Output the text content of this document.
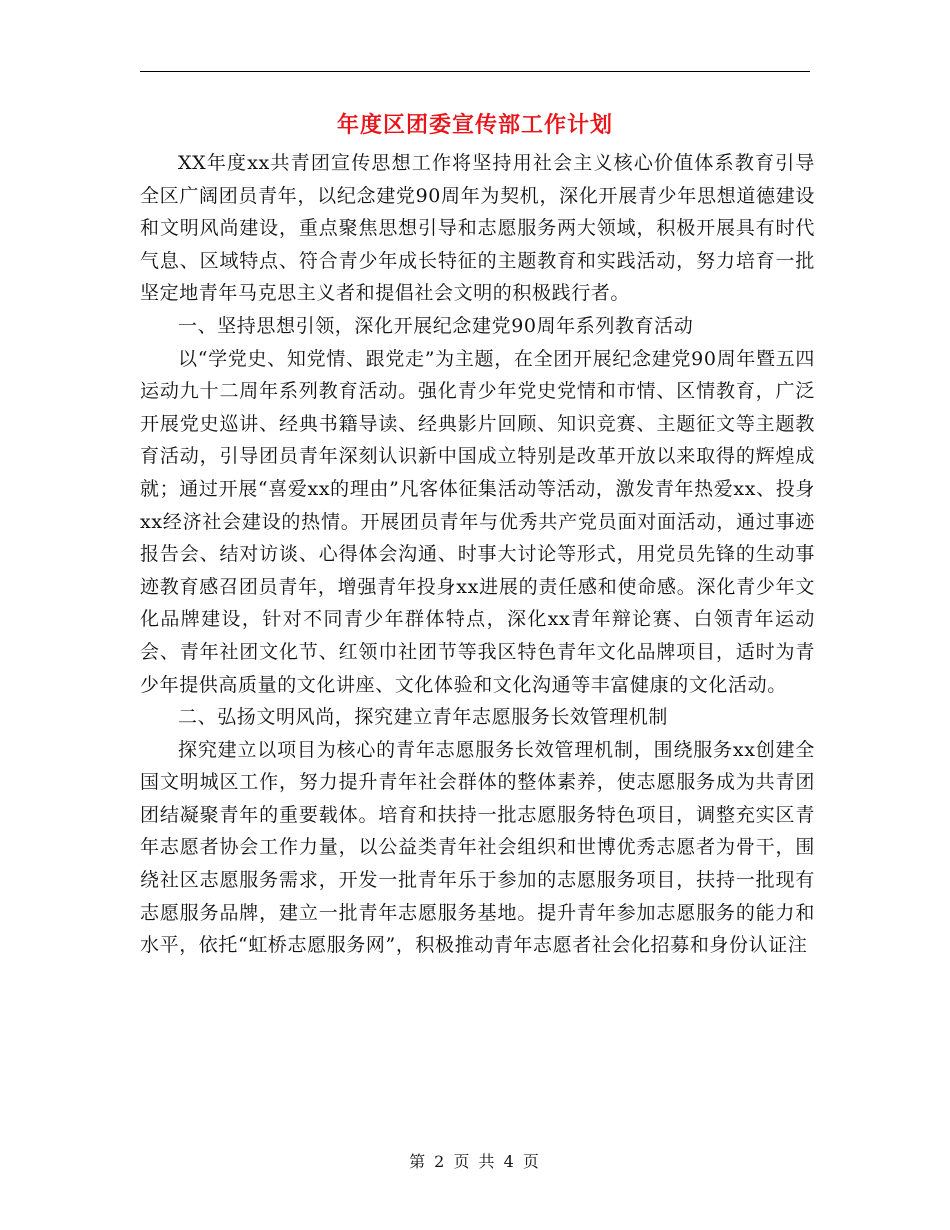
年度区团委宣传部工作计划

XX年度xx共青团宣传思想工作将坚持用社会主义核心价值体系教育引导全区广阔团员青年，以纪念建党90周年为契机，深化开展青少年思想道德建设和文明风尚建设，重点聚焦思想引导和志愿服务两大领域，积极开展具有时代气息、区域特点、符合青少年成长特征的主题教育和实践活动，努力培育一批坚定地青年马克思主义者和提倡社会文明的积极践行者。

一、坚持思想引领，深化开展纪念建党90周年系列教育活动

以“学党史、知党情、跟党走”为主题，在全团开展纪念建党90周年暨五四运动九十二周年系列教育活动。强化青少年党史党情和市情、区情教育，广泛开展党史巡讲、经典书籍导读、经典影片回顾、知识竞赛、主题征文等主题教育活动，引导团员青年深刻认识新中国成立特别是改革开放以来取得的辉煌成就；通过开展“喜爱xx的理由”凡客体征集活动等活动，激发青年热爱xx、投身xx经济社会建设的热情。开展团员青年与优秀共产党员面对面活动，通过事迹报告会、结对访谈、心得体会沟通、时事大讨论等形式，用党员先锋的生动事迹教育感召团员青年，增强青年投身xx进展的责任感和使命感。深化青少年文化品牌建设，针对不同青少年群体特点，深化xx青年辩论赛、白领青年运动会、青年社团文化节、红领巾社团节等我区特色青年文化品牌项目，适时为青少年提供高质量的文化讲座、文化体验和文化沟通等丰富健康的文化活动。

二、弘扬文明风尚，探究建立青年志愿服务长效管理机制

探究建立以项目为核心的青年志愿服务长效管理机制，围绕服务xx创建全国文明城区工作，努力提升青年社会群体的整体素养，使志愿服务成为共青团团结凝聚青年的重要载体。培育和扶持一批志愿服务特色项目，调整充实区青年志愿者协会工作力量，以公益类青年社会组织和世博优秀志愿者为骨干，围绕社区志愿服务需求，开发一批青年乐于参加的志愿服务项目，扶持一批现有志愿服务品牌，建立一批青年志愿服务基地。提升青年参加志愿服务的能力和水平，依托“虹桥志愿服务网”，积极推动青年志愿者社会化招募和身份认证注

第 2 页 共 4 页
